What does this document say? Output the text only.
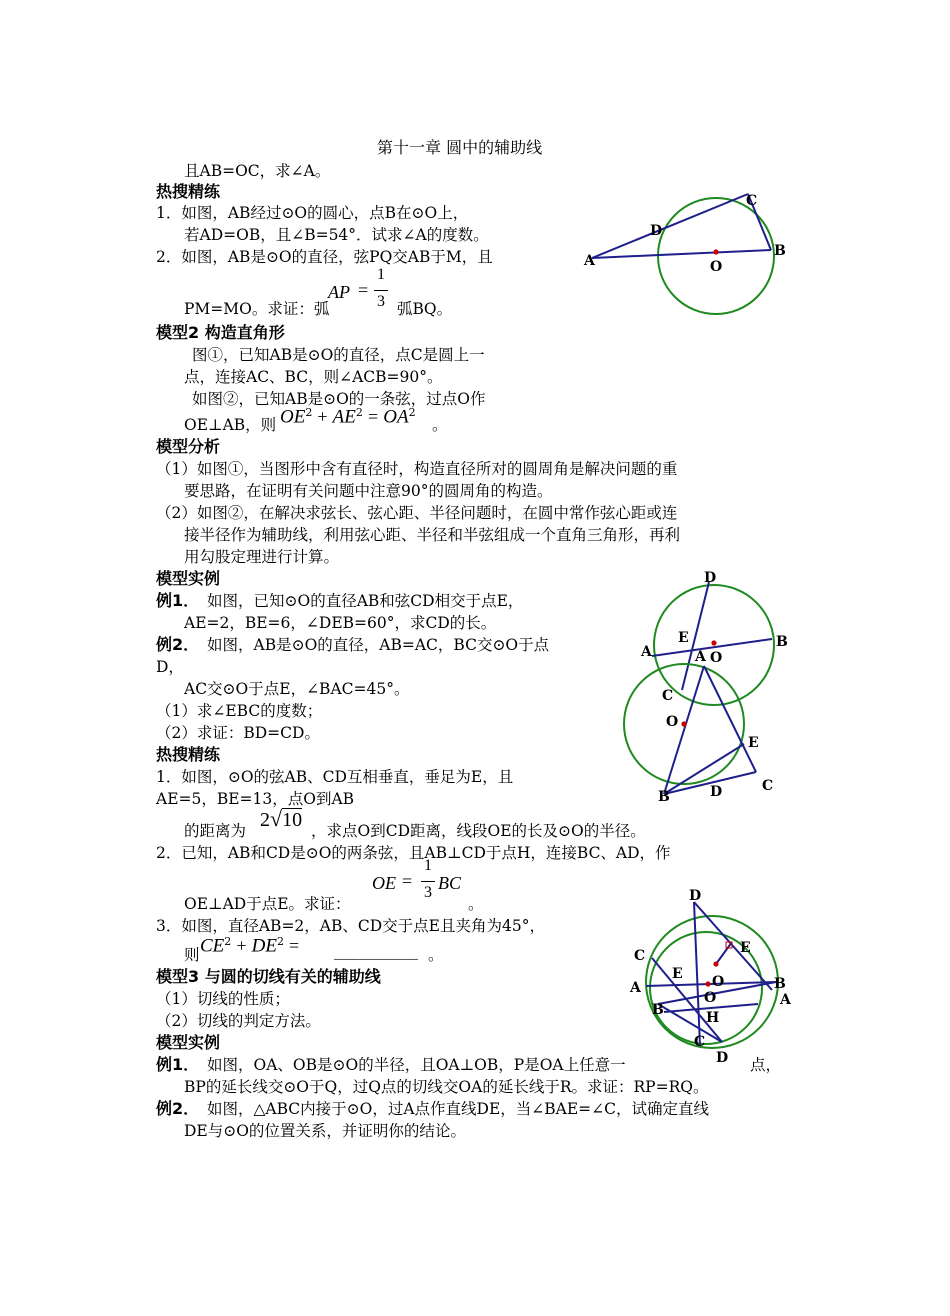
第十一章 圆中的辅助线
且AB=OC，求∠A。
热搜精练
1．如图，AB经过⊙O的圆心，点B在⊙O上，
若AD=OB，且∠B=54°．试求∠A的度数。
2．如图，AB是⊙O的直径，弦PQ交AB于M，且
AP =
1
3
PM=MO。求证：弧	弧BQ。
模型2 构造直角形
图①，已知AB是⊙O的直径，点C是圆上一
点，连接AC、BC，则∠ACB=90°。
如图②，已知AB是⊙O的一条弦，过点O作
OE⊥AB，则 $OE^2 + AE^2 = OA^2$
。
模型分析
（1）如图①，当图形中含有直径时，构造直径所对的圆周角是解决问题的重
要思路，在证明有关问题中注意90°的圆周角的构造。
（2）如图②，在解决求弦长、弦心距、半径问题时，在圆中常作弦心距或连
接半径作为辅助线，利用弦心距、半径和半弦组成一个直角三角形，再利
用勾股定理进行计算。
模型实例
例1． 如图，已知⊙O的直径AB和弦CD相交于点E，
AE=2，BE=6，∠DEB=60°，求CD的长。
例2． 如图，AB是⊙O的直径，AB=AC，BC交⊙O于点
D，
AC交⊙O于点E，∠BAC=45°。
（1）求∠EBC的度数；
（2）求证：BD=CD。
热搜精练
1．如图，⊙O的弦AB、CD互相垂直，垂足为E，且
AE=5，BE=13，点O到AB
的距离为 2√10 ，求点O到CD距离，线段OE的长及⊙O的半径。
2．已知，AB和CD是⊙O的两条弦，且AB⊥CD于点H，连接BC、AD，作
OE =
1
3 BC
OE⊥AD于点E。求证：	。
3．如图，直径AB=2，AB、CD交于点E且夹角为45°，
则 $CE^2 + DE^2$ = __________ 。
模型3 与圆的切线有关的辅助线
（1）切线的性质；
（2）切线的判定方法。
模型实例
例1． 如图，OA、OB是⊙O的半径，且OA⊥OB，P是OA上任意一	点，
BP的延长线交⊙O于Q，过Q点的切线交OA的延长线于R。求证：RP=RQ。
例2． 如图，△ABC内接于⊙O，过A点作直线DE，当∠BAE=∠C，试确定直线
DE与⊙O的位置关系，并证明你的结论。
A
D
C
O
B
D
E	B
A	O
A
O
C
E
C
B	D
D
E
C
E O
A	B
O	A
B	H
C
D
